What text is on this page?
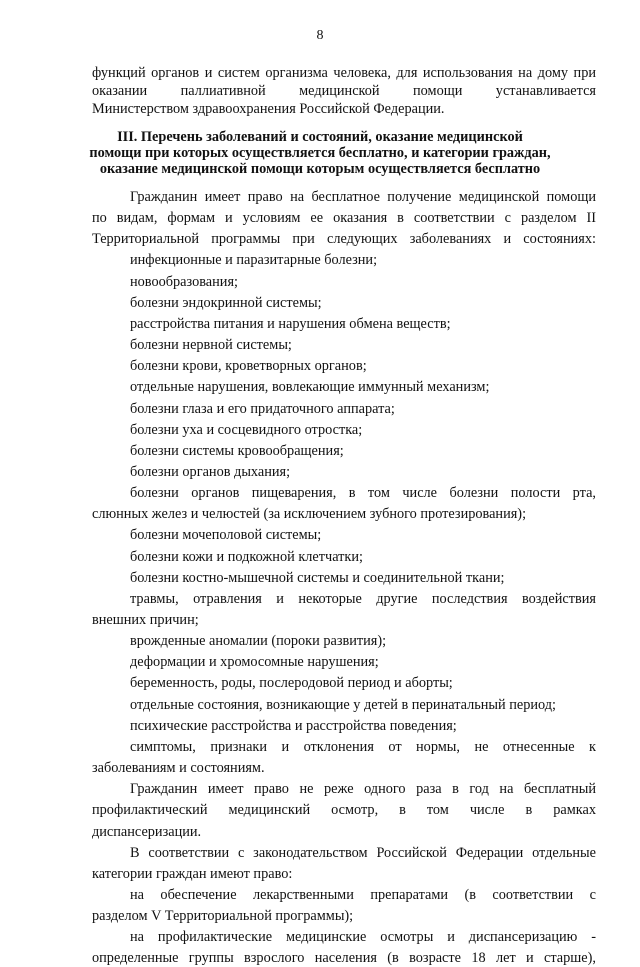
8
функций органов и систем организма человека, для использования на дому при
оказании паллиативной медицинской помощи устанавливается
Министерством здравоохранения Российской Федерации.
III. Перечень заболеваний и состояний, оказание медицинской
помощи при которых осуществляется бесплатно, и категории граждан,
оказание медицинской помощи которым осуществляется бесплатно
Гражданин имеет право на бесплатное получение медицинской помощи
по видам, формам и условиям ее оказания в соответствии с разделом II
Территориальной программы при следующих заболеваниях и состояниях:
инфекционные и паразитарные болезни;
новообразования;
болезни эндокринной системы;
расстройства питания и нарушения обмена веществ;
болезни нервной системы;
болезни крови, кроветворных органов;
отдельные нарушения, вовлекающие иммунный механизм;
болезни глаза и его придаточного аппарата;
болезни уха и сосцевидного отростка;
болезни системы кровообращения;
болезни органов дыхания;
болезни органов пищеварения, в том числе болезни полости рта,
слюнных желез и челюстей (за исключением зубного протезирования);
болезни мочеполовой системы;
болезни кожи и подкожной клетчатки;
болезни костно-мышечной системы и соединительной ткани;
травмы, отравления и некоторые другие последствия воздействия
внешних причин;
врожденные аномалии (пороки развития);
деформации и хромосомные нарушения;
беременность, роды, послеродовой период и аборты;
отдельные состояния, возникающие у детей в перинатальный период;
психические расстройства и расстройства поведения;
симптомы, признаки и отклонения от нормы, не отнесенные к
заболеваниям и состояниям.
Гражданин имеет право не реже одного раза в год на бесплатный
профилактический медицинский осмотр, в том числе в рамках
диспансеризации.
В соответствии с законодательством Российской Федерации отдельные
категории граждан имеют право:
на обеспечение лекарственными препаратами (в соответствии с
разделом V Территориальной программы);
на профилактические медицинские осмотры и диспансеризацию -
определенные группы взрослого населения (в возрасте 18 лет и старше),
